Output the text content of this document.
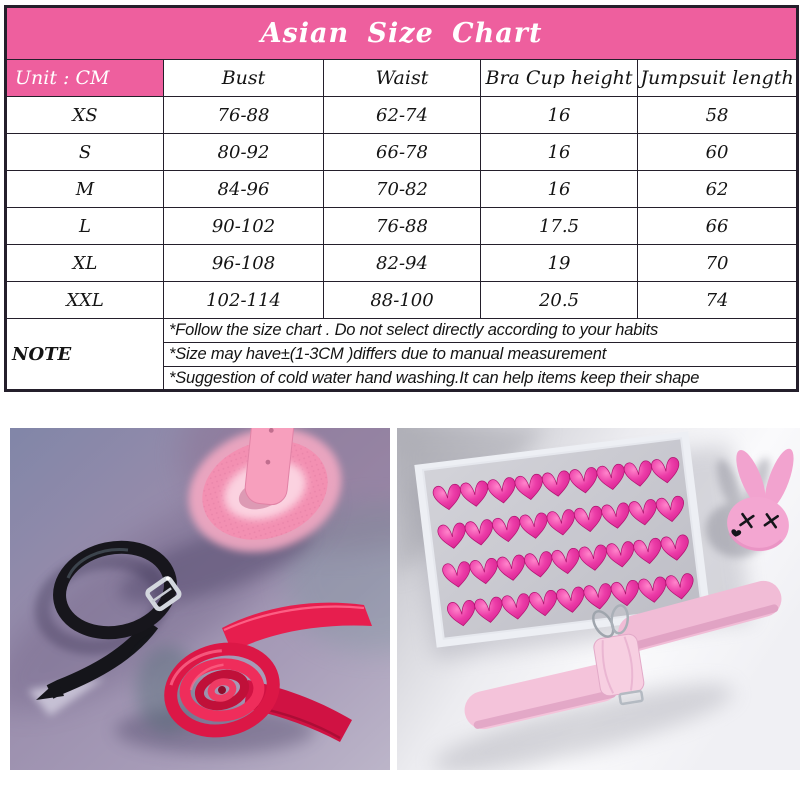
Asian Size Chart				
Unit : CM	Bust	Waist	Bra Cup height	Jumpsuit length
XS	76-88	62-74	16	58
S	80-92	66-78	16	60
M	84-96	70-82	16	62
L	90-102	76-88	17.5	66
XL	96-108	82-94	19	70
XXL	102-114	88-100	20.5	74
NOTE	*Follow the size chart . Do not select directly according to your habits			
	*Size may have±(1-3CM )differs due to manual measurement			
	*Suggestion of cold water hand washing.It can help items keep their shape			
